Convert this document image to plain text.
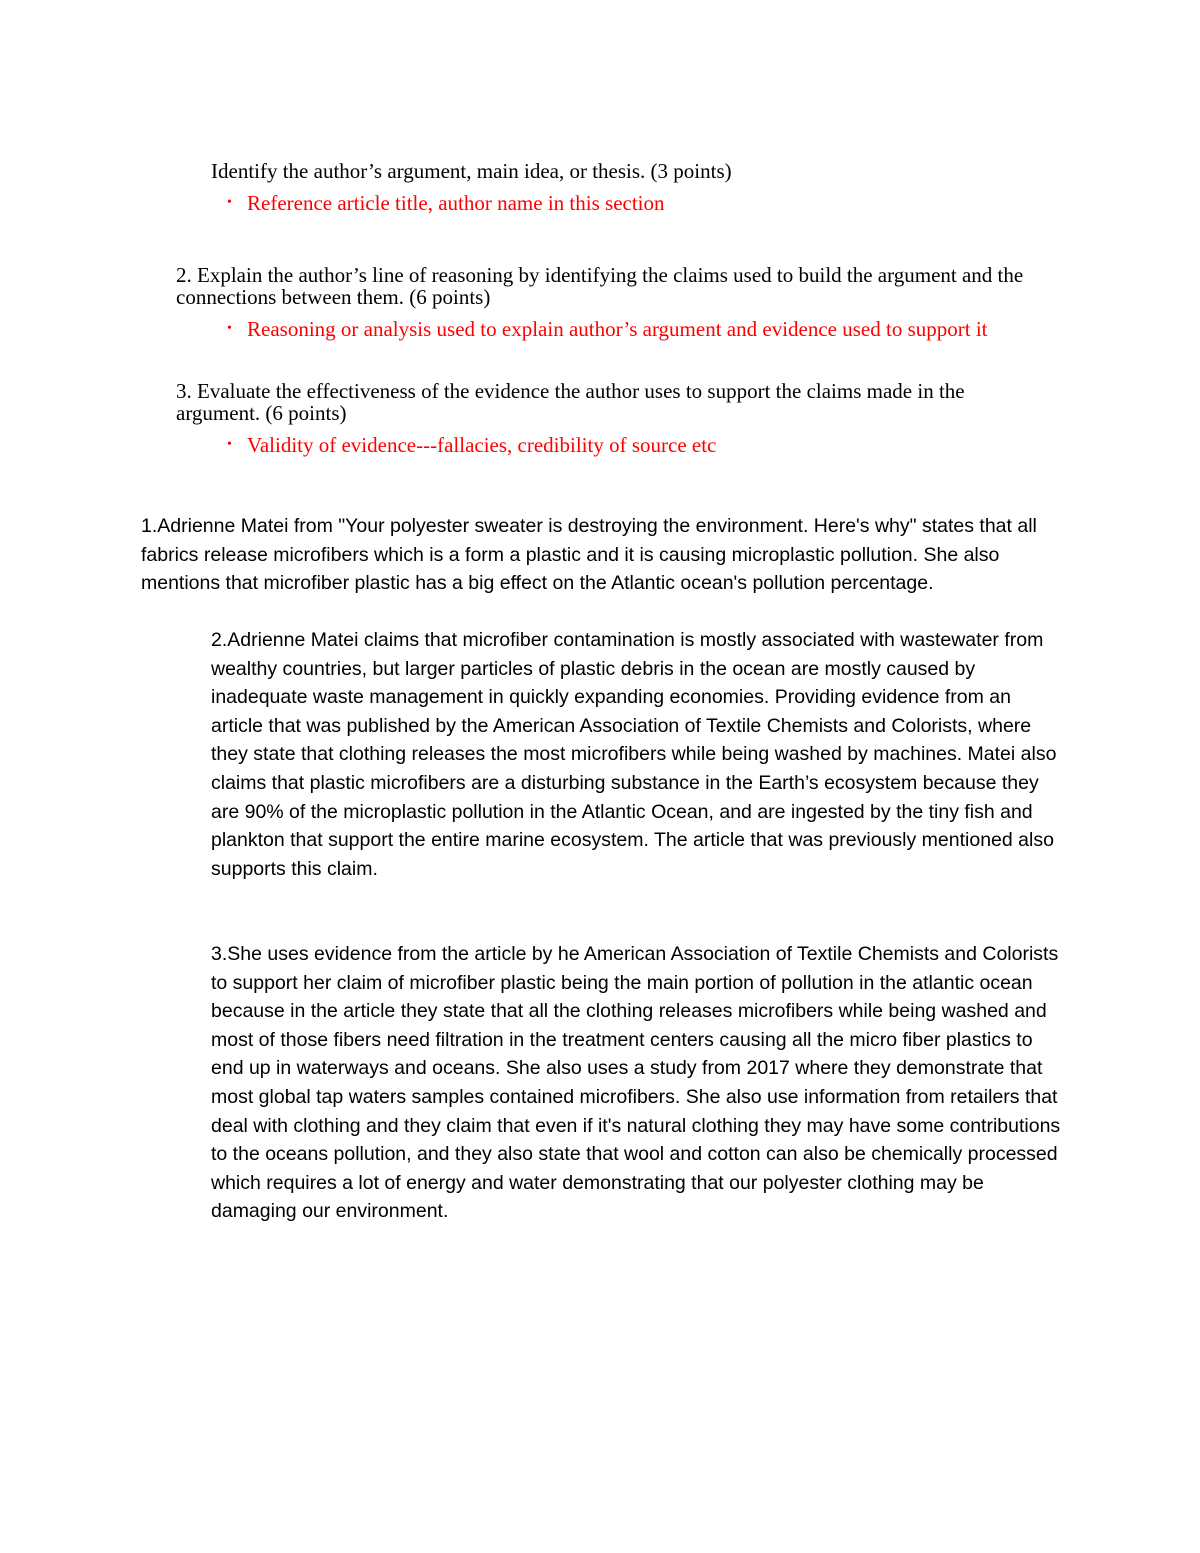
Identify the author’s argument, main idea, or thesis. (3 points)

• Reference article title, author name in this section

2. Explain the author’s line of reasoning by identifying the claims used to build the argument and the connections between them. (6 points)

• Reasoning or analysis used to explain author’s argument and evidence used to support it

3. Evaluate the effectiveness of the evidence the author uses to support the claims made in the argument. (6 points)

• Validity of evidence---fallacies, credibility of source etc

1.Adrienne Matei from "Your polyester sweater is destroying the environment. Here's why" states that all fabrics release microfibers which is a form a plastic and it is causing microplastic pollution. She also mentions that microfiber plastic has a big effect on the Atlantic ocean's pollution percentage.

2.Adrienne Matei claims that microfiber contamination is mostly associated with wastewater from wealthy countries, but larger particles of plastic debris in the ocean are mostly caused by inadequate waste management in quickly expanding economies. Providing evidence from an article that was published by the American Association of Textile Chemists and Colorists, where they state that clothing releases the most microfibers while being washed by machines. Matei also claims that plastic microfibers are a disturbing substance in the Earth’s ecosystem because they are 90% of the microplastic pollution in the Atlantic Ocean, and are ingested by the tiny fish and plankton that support the entire marine ecosystem. The article that was previously mentioned also supports this claim.

3.She uses evidence from the article by he American Association of Textile Chemists and Colorists to support her claim of microfiber plastic being the main portion of pollution in the atlantic ocean because in the article they state that all the clothing releases microfibers while being washed and most of those fibers need filtration in the treatment centers causing all the micro fiber plastics to end up in waterways and oceans. She also uses a study from 2017 where they demonstrate that most global tap waters samples contained microfibers. She also use information from retailers that deal with clothing and they claim that even if it's natural clothing they may have some contributions to the oceans pollution, and they also state that wool and cotton can also be chemically processed which requires a lot of energy and water demonstrating that our polyester clothing may be damaging our environment.
